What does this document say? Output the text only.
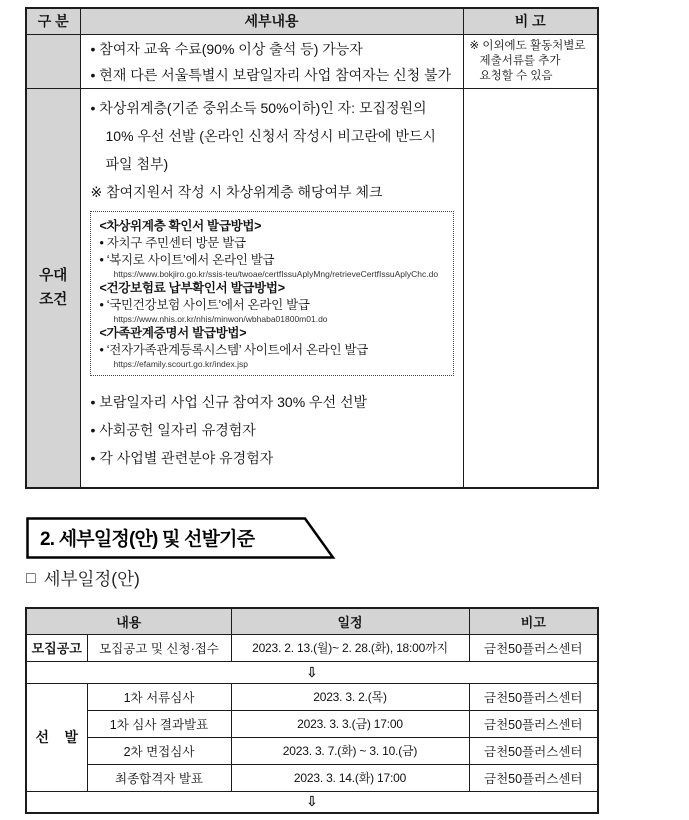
구 분	세부내용	비 고

	• 참여자 교육 수료(90% 이상 출석 등) 가능자
• 현재 다른 서울특별시 보람일자리 사업 참여자는 신청 불가	※ 이외에도 활동처별로 제출서류를 추가 요청할 수 있음

우대
조건

• 차상위계층(기준 중위소득 50%이하)인 자: 모집정원의 10% 우선 선발 (온라인 신청서 작성시 비고란에 반드시 파일 첨부)
※ 참여지원서 작성 시 차상위계층 해당여부 체크
<차상위계층 확인서 발급방법>
• 자치구 주민센터 방문 발급
• ‘복지로 사이트’에서 온라인 발급
https://www.bokjiro.go.kr/ssis-teu/twoae/certfIssuAplyMng/retrieveCertfIssuAplyChc.do
<건강보험료 납부확인서 발급방법>
• ‘국민건강보험 사이트’에서 온라인 발급
https://www.nhis.or.kr/nhis/minwon/wbhaba01800m01.do
<가족관계증명서 발급방법>
• ‘전자가족관계등록시스템’ 사이트에서 온라인 발급
https://efamily.scourt.go.kr/index.jsp
• 보람일자리 사업 신규 참여자 30% 우선 선발
• 사회공헌 일자리 유경험자
• 각 사업별 관련분야 유경험자

2. 세부일정(안) 및 선발기준
□ 세부일정(안)
내용		일정	비고
모집공고	모집공고 및 신청·접수	2023. 2. 13.(월)~ 2. 28.(화), 18:00까지	금천50플러스센터
⇩			
선    발	1차 서류심사	2023. 3. 2.(목)	금천50플러스센터
	1차 심사 결과발표	2023. 3. 3.(금) 17:00	금천50플러스센터
	2차 면접심사	2023. 3. 7.(화) ~ 3. 10.(금)	금천50플러스센터
	최종합격자 발표	2023. 3. 14.(화) 17:00	금천50플러스센터
⇩			
